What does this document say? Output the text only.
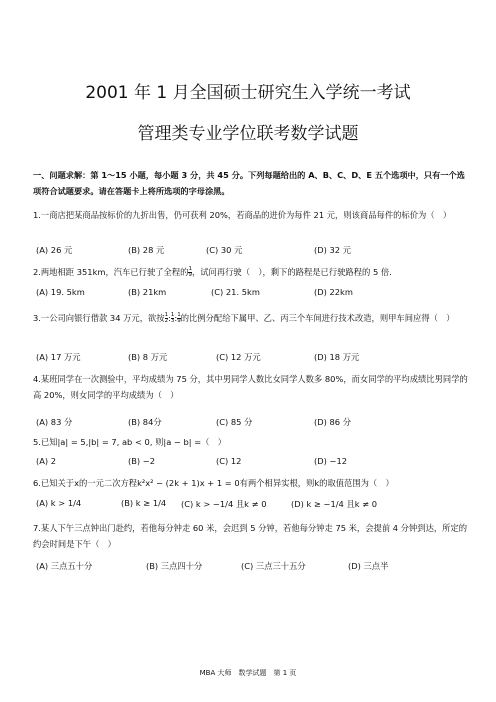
2001 年 1 月全国硕士研究生入学统一考试
管理类专业学位联考数学试题
一、问题求解：第 1～15 小题，每小题 3 分，共 45 分。下列每题给出的 A、B、C、D、E 五个选项中，只有一个选项符合试题要求。请在答题卡上将所选项的字母涂黑。
1.一商店把某商品按标价的九折出售，仍可获利 20%，若商品的进价为每件 21 元，则该商品每件的标价为（　）
(A) 26 元	(B) 28 元	(C) 30 元	(D) 32 元
2.两地相距 351km，汽车已行驶了全程的 $\frac{1}{9}$ ，试问再行驶（　），剩下的路程是已行驶路程的 5 倍.
(A) 19. 5km	(B) 21km	(C) 21. 5km	(D) 22km
3.一公司向银行借款 34 万元，欲按 $\frac{1}{2}$ : $\frac{1}{3}$ : $\frac{1}{9}$ 的比例分配给下属甲、乙、丙三个车间进行技术改造，则甲车间应得（　）
(A) 17 万元	(B) 8 万元	(C) 12 万元	(D) 18 万元
4.某班同学在一次测验中，平均成绩为 75 分，其中男同学人数比女同学人数多 80%，而女同学的平均成绩比男同学的高 20%，则女同学的平均成绩为（　）
(A) 83 分	(B) 84分	(C) 85 分	(D) 86 分
5.已知|a| = 5,|b| = 7, ab < 0, 则|a − b| =（　）
(A) 2	(B) −2	(C) 12	(D) −12
6.已知关于x的一元二次方程k²x² − (2k + 1)x + 1 = 0有两个相异实根，则k的取值范围为（　）
(A) k > 1/4	(B) k ≥ 1/4 (C) k > −1/4 且k ≠ 0	(D) k ≥ −1/4 且k ≠ 0
7.某人下午三点钟出门赴约，若他每分钟走 60 米，会迟到 5 分钟，若他每分钟走 75 米，会提前 4 分钟到达，所定的约会时间是下午（　）
(A) 三点五十分	(B) 三点四十分	(C) 三点三十五分	(D) 三点半
MBA 大师　数学试题　第 1 页
